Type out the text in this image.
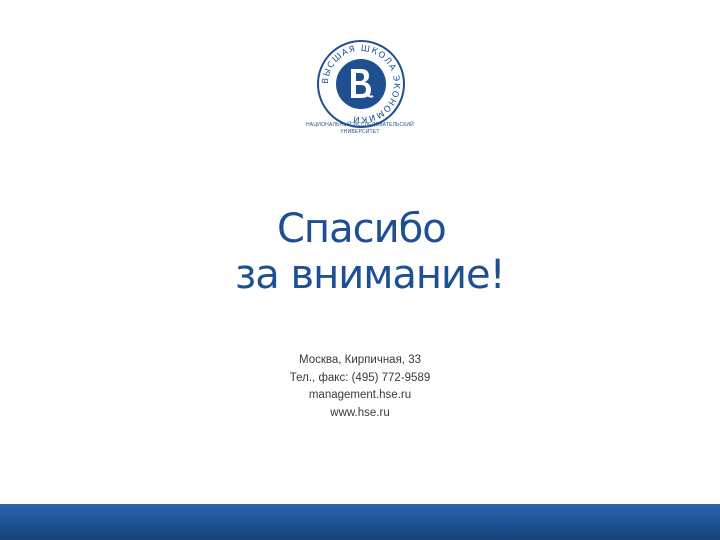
ВЫСШАЯ ШКОЛА ЭКОНОМИКИ
НАЦИОНАЛЬНЫЙ ИССЛЕДОВАТЕЛЬСКИЙ
УНИВЕРСИТЕТ
Спасибо
за внимание!
Москва, Кирпичная, 33
Тел., факс: (495) 772-9589
management.hse.ru
www.hse.ru
